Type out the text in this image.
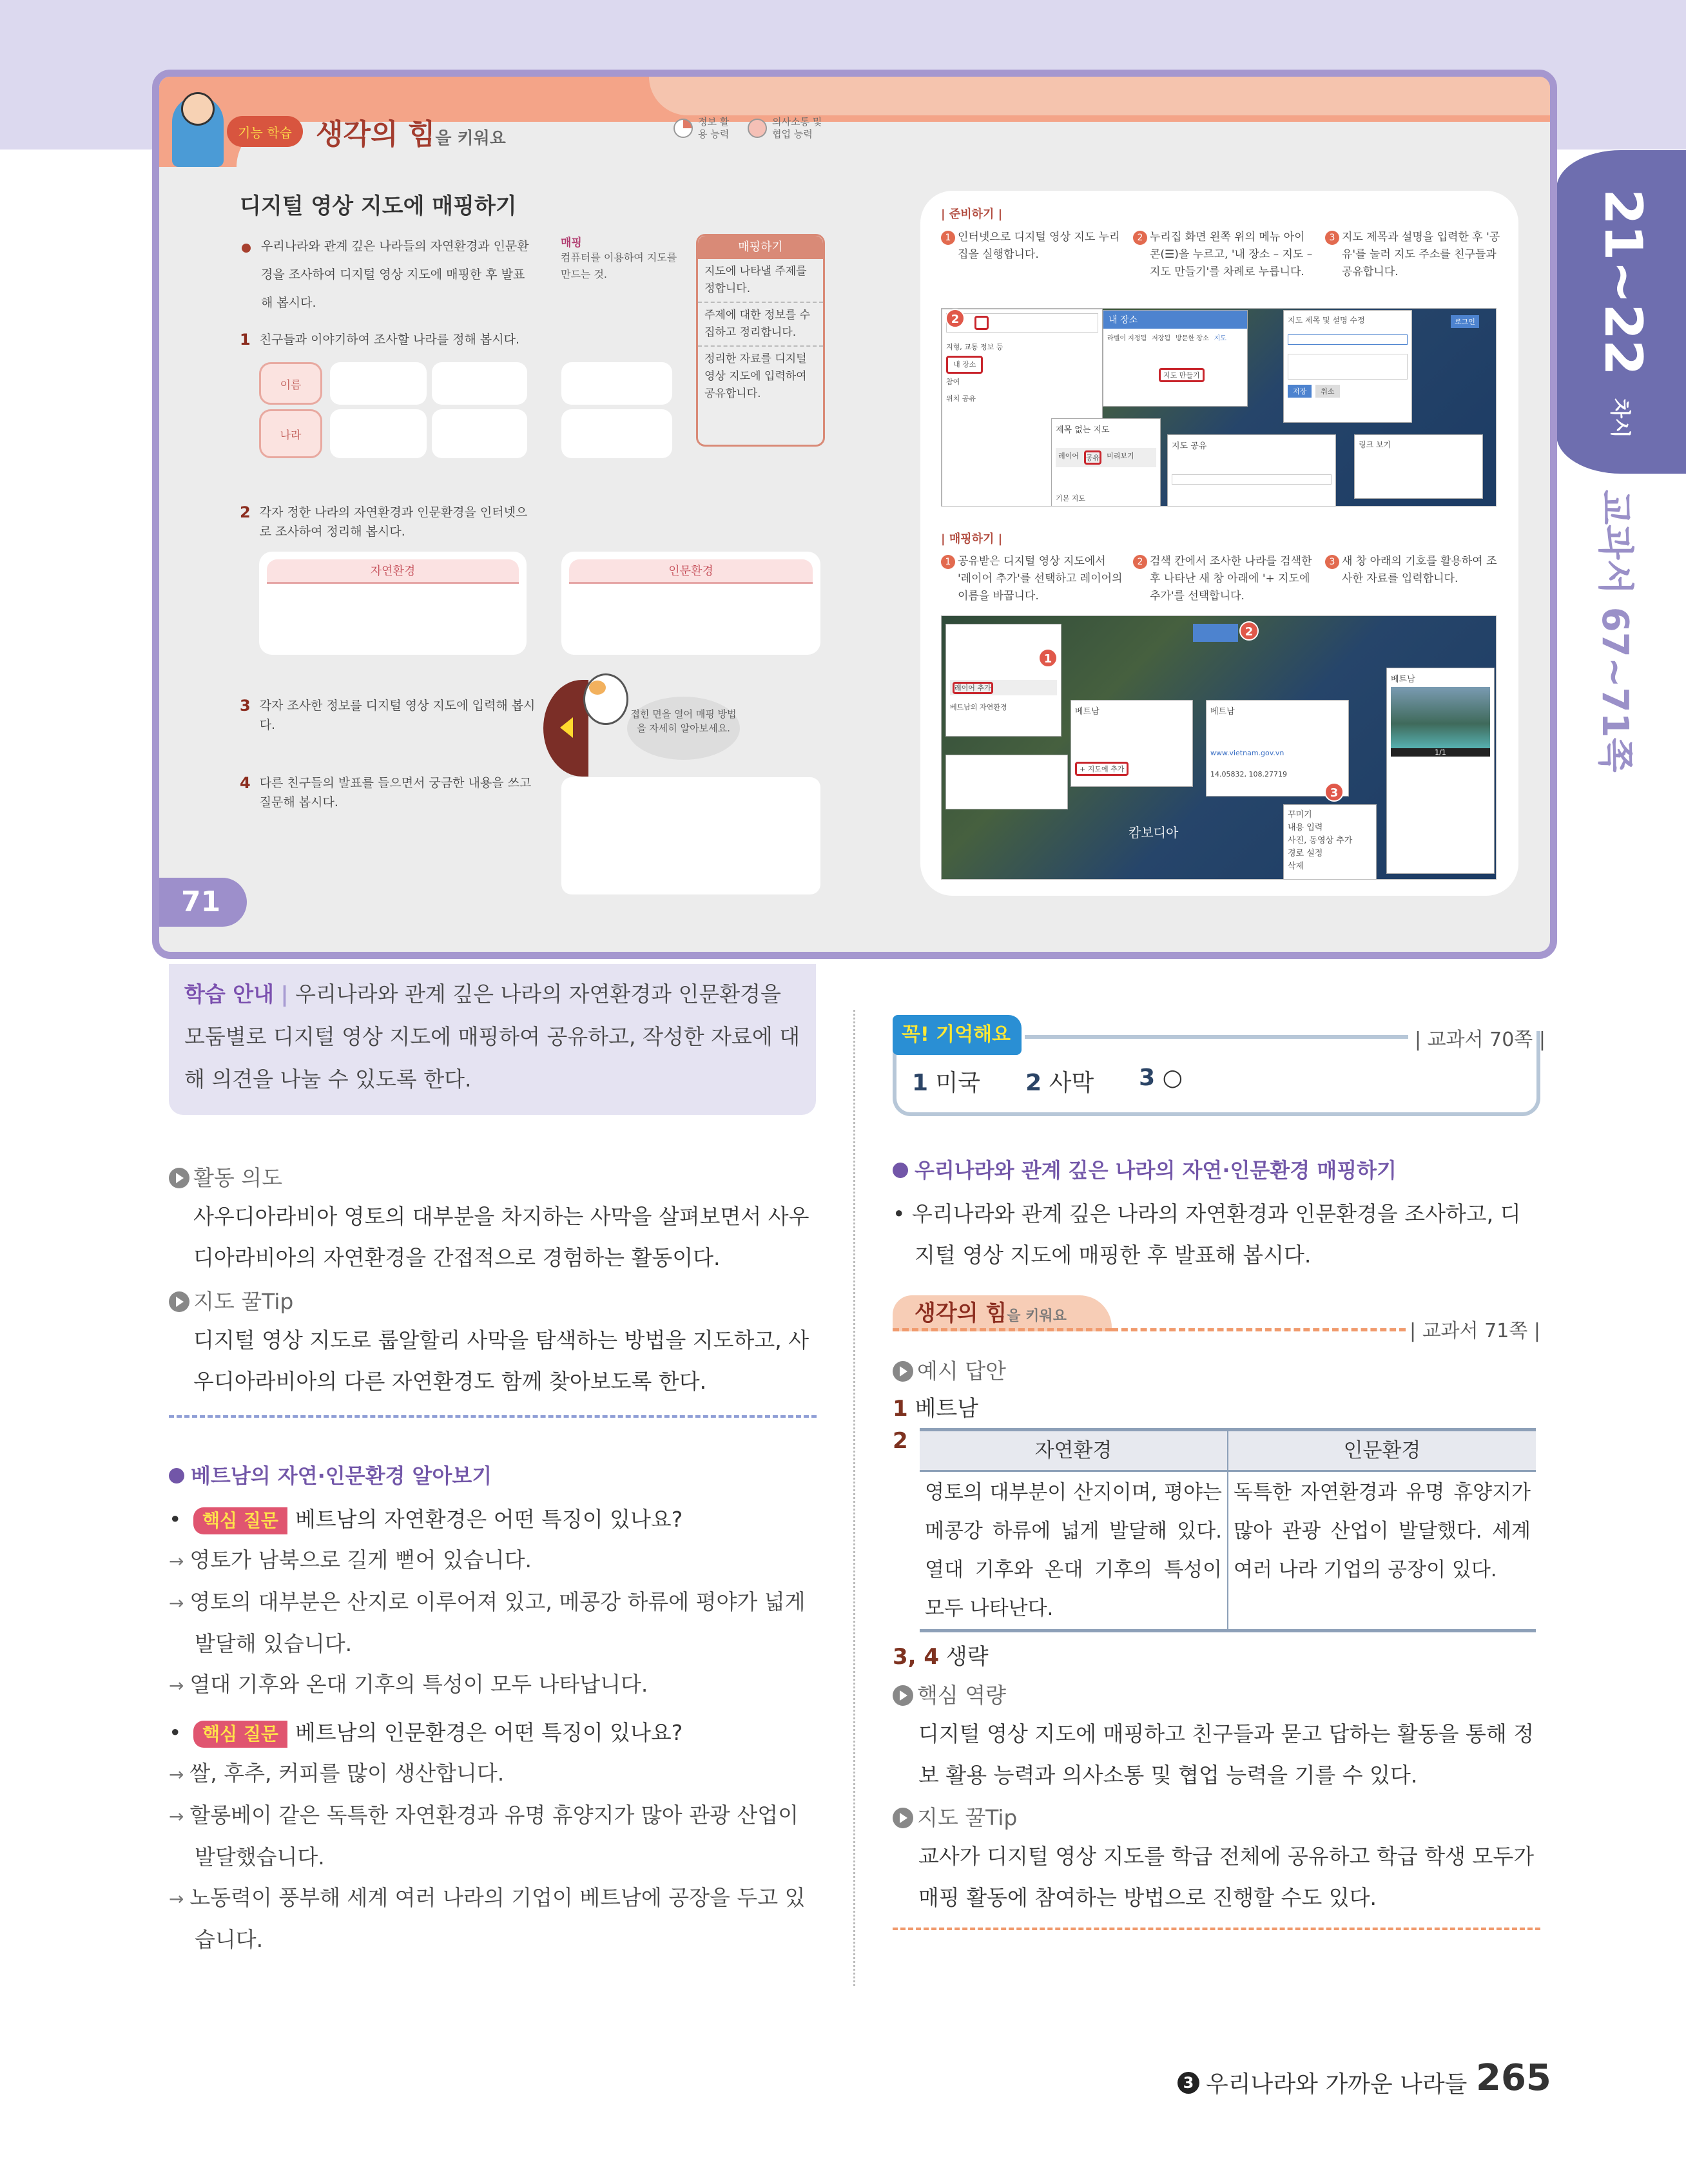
21~22
차시
교과서 67~71쪽
71
기능 학습 생각의 힘을 키워요
정보 활용 능력
의사소통 및 협업 능력
디지털 영상 지도에 매핑하기
우리나라와 관계 깊은 나라들의 자연환경과 인문환경을 조사하여 디지털 영상 지도에 매핑한 후 발표해 봅시다.
매핑
컴퓨터를 이용하여 지도를 만드는 것.
매핑하기
지도에 나타낼 주제를 정합니다.
주제에 대한 정보를 수집하고 정리합니다.
정리한 자료를 디지털 영상 지도에 입력하여 공유합니다.
1 친구들과 이야기하여 조사할 나라를 정해 봅시다.
이름
나라
2 각자 정한 나라의 자연환경과 인문환경을 인터넷으로 조사하여 정리해 봅시다.
자연환경	인문환경
3 각자 조사한 정보를 디지털 영상 지도에 입력해 봅시다.
접힌 면을 열어 매핑 방법을 자세히 알아보세요.
4 다른 친구들의 발표를 들으면서 궁금한 내용을 쓰고 질문해 봅시다.
| 준비하기 |
1 인터넷으로 디지털 영상 지도 누리집을 실행합니다.
2 누리집 화면 왼쪽 위의 메뉴 아이콘(☰)을 누르고, '내 장소 – 지도 – 지도 만들기'를 차례로 누릅니다.
3 지도 제목과 설명을 입력한 후 '공유'를 눌러 지도 주소를 친구들과 공유합니다.
지형, 교통 정보 등
내 장소
참여
위치 공유
내 장소
라벨이 지정됨 저장됨 방문한 장소 지도
지도 만들기
제목 없는 지도
레이어 공유 미리보기
기본 지도
지도 제목 및 설명 수정
저장	취소
지도 공유	링크 보기
로그인
2
| 매핑하기 |
1 공유받은 디지털 영상 지도에서 '레이어 추가'를 선택하고 레이어의 이름을 바꿉니다.
2 검색 칸에서 조사한 나라를 검색한 후 나타난 새 창 아래에 '+ 지도에 추가'를 선택합니다.
3 새 창 아래의 기호를 활용하여 조사한 자료를 입력합니다.
레이어 추가
베트남의 자연환경	베트남
+ 지도에 추가
베트남
www.vietnam.gov.vn
14.05832, 108.27719
꾸미기
내용 입력
사진, 동영상 추가
경로 설정
삭제
베트남
1/1
캄보디아
1
2
3
학습 안내 | 우리나라와 관계 깊은 나라의 자연환경과 인문환경을 모둠별로 디지털 영상 지도에 매핑하여 공유하고, 작성한 자료에 대해 의견을 나눌 수 있도록 한다.
활동 의도
사우디아라비아 영토의 대부분을 차지하는 사막을 살펴보면서 사우디아라비아의 자연환경을 간접적으로 경험하는 활동이다.
지도 꿀Tip
디지털 영상 지도로 룹알할리 사막을 탐색하는 방법을 지도하고, 사우디아라비아의 다른 자연환경도 함께 찾아보도록 한다.
베트남의 자연·인문환경 알아보기
• 핵심 질문 베트남의 자연환경은 어떤 특징이 있나요?
→ 영토가 남북으로 길게 뻗어 있습니다.
→ 영토의 대부분은 산지로 이루어져 있고, 메콩강 하류에 평야가 넓게 발달해 있습니다.
→ 열대 기후와 온대 기후의 특성이 모두 나타납니다.
• 핵심 질문 베트남의 인문환경은 어떤 특징이 있나요?
→ 쌀, 후추, 커피를 많이 생산합니다.
→ 할롱베이 같은 독특한 자연환경과 유명 휴양지가 많아 관광 산업이 발달했습니다.
→ 노동력이 풍부해 세계 여러 나라의 기업이 베트남에 공장을 두고 있습니다.
꼭! 기억해요	| 교과서 70쪽 |
1 미국 2 사막 3 ○
우리나라와 관계 깊은 나라의 자연·인문환경 매핑하기
• 우리나라와 관계 깊은 나라의 자연환경과 인문환경을 조사하고, 디지털 영상 지도에 매핑한 후 발표해 봅시다.
생각의 힘을 키워요
| 교과서 71쪽 |
예시 답안
1 베트남
2	자연환경	인문환경
영토의 대부분이 산지이며, 평야는 메콩강 하류에 넓게 발달해 있다. 열대 기후와 온대 기후의 특성이 모두 나타난다.	독특한 자연환경과 유명 휴양지가 많아 관광 산업이 발달했다. 세계 여러 나라 기업의 공장이 있다.
3, 4 생략
핵심 역량
디지털 영상 지도에 매핑하고 친구들과 묻고 답하는 활동을 통해 정보 활용 능력과 의사소통 및 협업 능력을 기를 수 있다.
지도 꿀Tip
교사가 디지털 영상 지도를 학급 전체에 공유하고 학급 학생 모두가 매핑 활동에 참여하는 방법으로 진행할 수도 있다.
3 우리나라와 가까운 나라들 265
